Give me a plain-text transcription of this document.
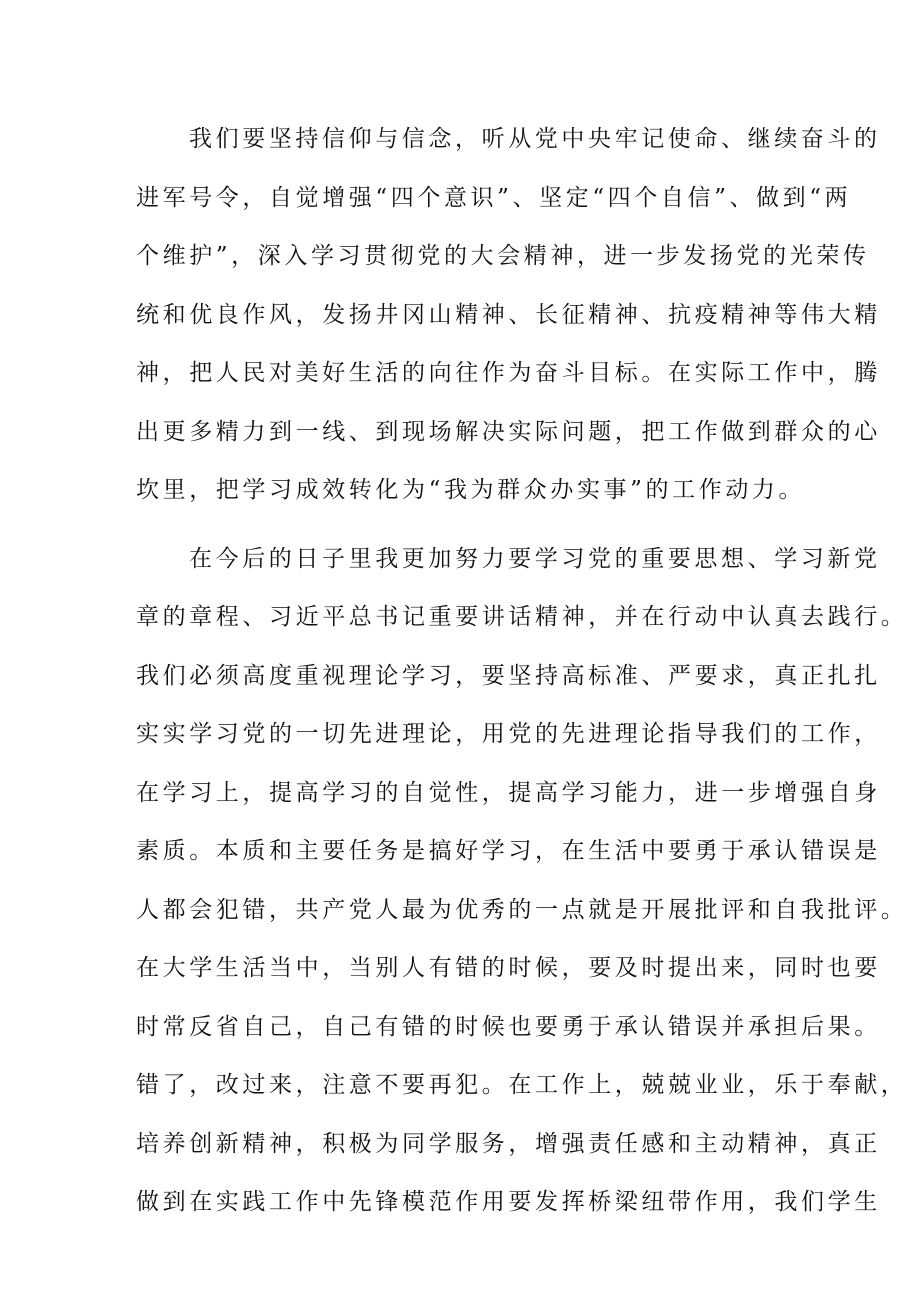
我们要坚持信仰与信念，听从党中央牢记使命、继续奋斗的
进军号令，自觉增强“四个意识”、坚定“四个自信”、做到“两
个维护”，深入学习贯彻党的大会精神，进一步发扬党的光荣传
统和优良作风，发扬井冈山精神、长征精神、抗疫精神等伟大精
神，把人民对美好生活的向往作为奋斗目标。在实际工作中，腾
出更多精力到一线、到现场解决实际问题，把工作做到群众的心
坎里，把学习成效转化为“我为群众办实事”的工作动力。
在今后的日子里我更加努力要学习党的重要思想、学习新党
章的章程、习近平总书记重要讲话精神，并在行动中认真去践行。
我们必须高度重视理论学习，要坚持高标准、严要求，真正扎扎
实实学习党的一切先进理论，用党的先进理论指导我们的工作，
在学习上，提高学习的自觉性，提高学习能力，进一步增强自身
素质。本质和主要任务是搞好学习，在生活中要勇于承认错误是
人都会犯错，共产党人最为优秀的一点就是开展批评和自我批评。
在大学生活当中，当别人有错的时候，要及时提出来，同时也要
时常反省自己，自己有错的时候也要勇于承认错误并承担后果。
错了，改过来，注意不要再犯。在工作上，兢兢业业，乐于奉献，
培养创新精神，积极为同学服务，增强责任感和主动精神，真正
做到在实践工作中先锋模范作用要发挥桥梁纽带作用，我们学生
